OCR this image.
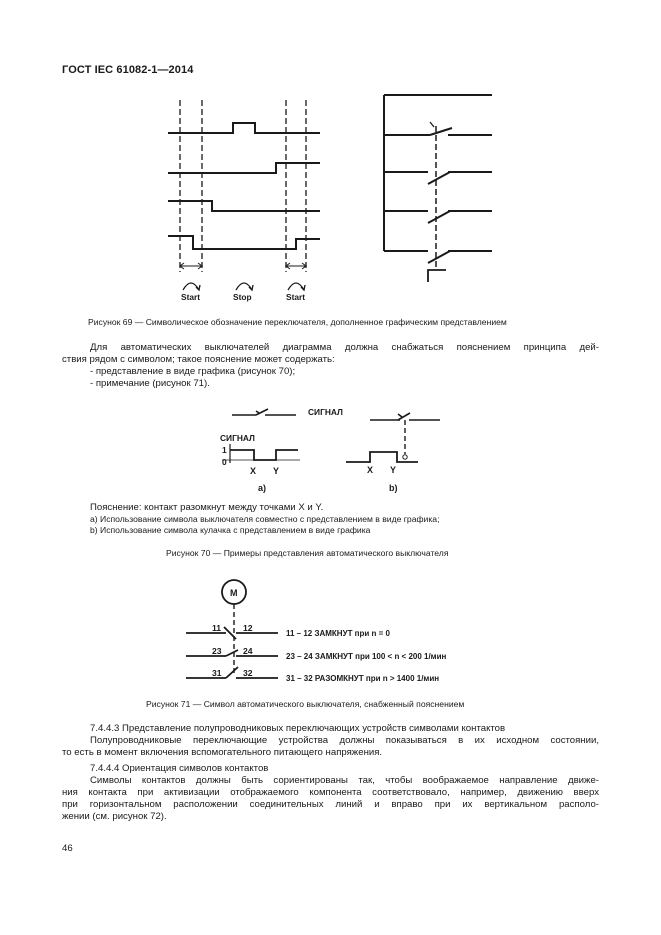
ГОСТ IEC 61082-1—2014
Start	Stop	Start
Рисунок 69 — Символическое обозначение переключателя, дополненное графическим представлением
Для автоматических выключателей диаграмма должна снабжаться пояснением принципа дей-
ствия рядом с символом; такое пояснение может содержать:
- представление в виде графика (рисунок 70);
- примечание (рисунок 71).
СИГНАЛ
СИГНАЛ
1
0
X Y	X Y
a)	b)
Пояснение: контакт разомкнут между точками X и Y.
a) Использование символа выключателя совместно с представлением в виде графика;
b) Использование символа кулачка с представлением в виде графика
Рисунок 70 — Примеры представления автоматического выключателя
M
11	12
23 24
31 32
11 – 12 ЗАМКНУТ при n = 0
23 – 24 ЗАМКНУТ при 100 < n < 200 1/мин
31 – 32 РАЗОМКНУТ при n > 1400 1/мин
Рисунок 71 — Символ автоматического выключателя, снабженный пояснением
7.4.4.3 Представление полупроводниковых переключающих устройств символами контактов
Полупроводниковые переключающие устройства должны показываться в их исходном состоянии,
то есть в момент включения вспомогательного питающего напряжения.
7.4.4.4 Ориентация символов контактов
Символы контактов должны быть сориентированы так, чтобы воображаемое направление движе-
ния контакта при активизации отображаемого компонента соответствовало, например, движению вверх
при горизонтальном расположении соединительных линий и вправо при их вертикальном располо-
жении (см. рисунок 72).
46
